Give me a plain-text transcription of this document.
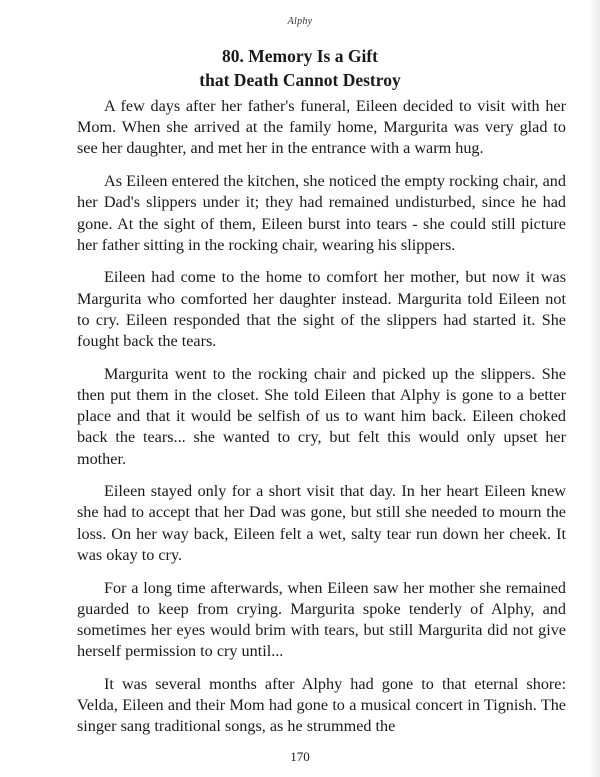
Alphy
80. Memory Is a Gift
that Death Cannot Destroy

A few days after her father's funeral, Eileen decided to visit with her Mom. When she arrived at the family home, Margurita was very glad to see her daughter, and met her in the entrance with a warm hug.

As Eileen entered the kitchen, she noticed the empty rocking chair, and her Dad's slippers under it; they had remained undisturbed, since he had gone. At the sight of them, Eileen burst into tears - she could still picture her father sitting in the rocking chair, wearing his slippers.

Eileen had come to the home to comfort her mother, but now it was Margurita who comforted her daughter instead. Margurita told Eileen not to cry. Eileen responded that the sight of the slippers had started it. She fought back the tears.

Margurita went to the rocking chair and picked up the slippers. She then put them in the closet. She told Eileen that Alphy is gone to a better place and that it would be selfish of us to want him back. Eileen choked back the tears... she wanted to cry, but felt this would only upset her mother.

Eileen stayed only for a short visit that day. In her heart Eileen knew she had to accept that her Dad was gone, but still she needed to mourn the loss. On her way back, Eileen felt a wet, salty tear run down her cheek. It was okay to cry.

For a long time afterwards, when Eileen saw her mother she remained guarded to keep from crying. Margurita spoke tenderly of Alphy, and sometimes her eyes would brim with tears, but still Margurita did not give herself permission to cry until...

It was several months after Alphy had gone to that eternal shore: Velda, Eileen and their Mom had gone to a musical concert in Tignish. The singer sang traditional songs, as he strummed the

170
